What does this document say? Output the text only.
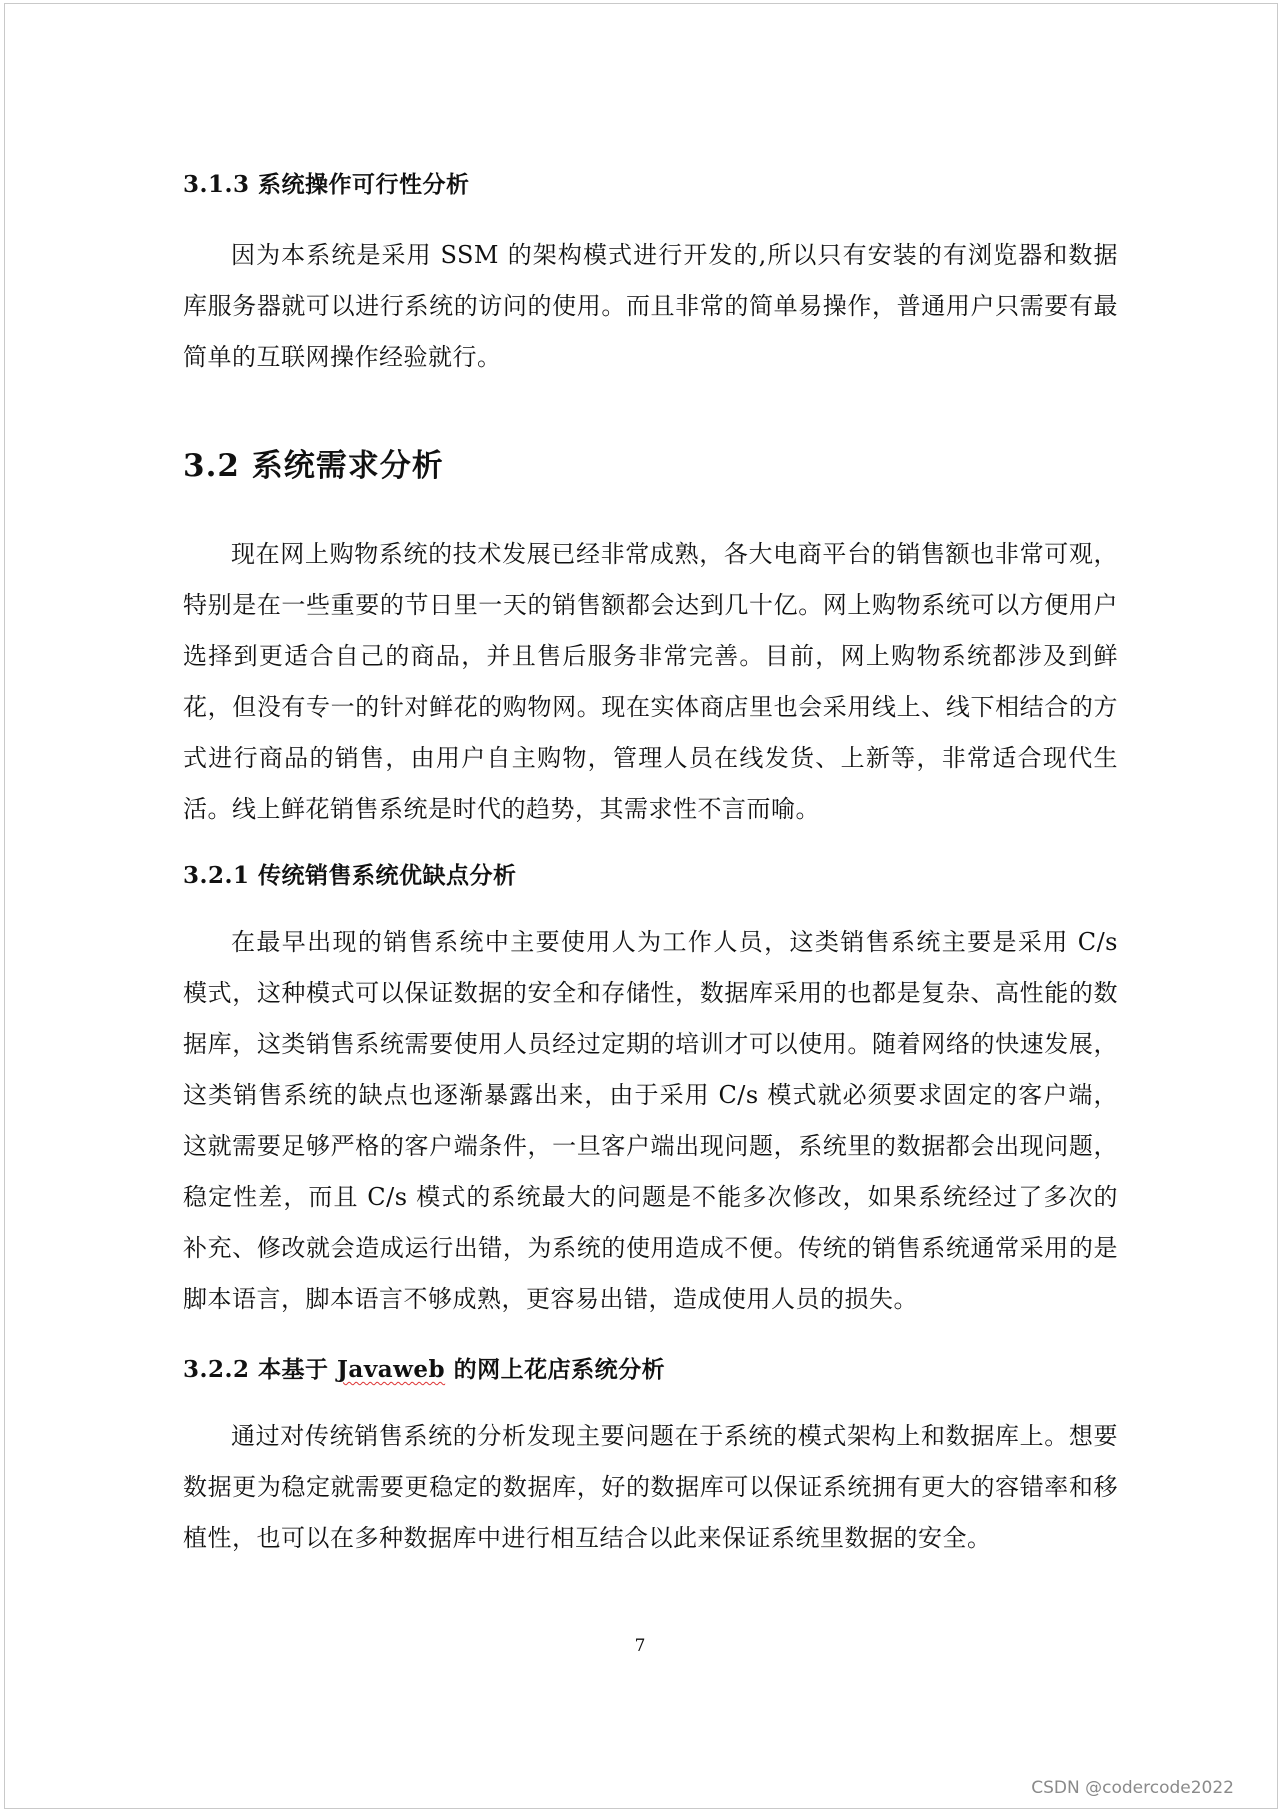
3.1.3 系统操作可行性分析

因为本系统是采用 SSM 的架构模式进行开发的,所以只有安装的有浏览器和数据库服务器就可以进行系统的访问的使用。而且非常的简单易操作，普通用户只需要有最简单的互联网操作经验就行。

3.2 系统需求分析

现在网上购物系统的技术发展已经非常成熟，各大电商平台的销售额也非常可观，特别是在一些重要的节日里一天的销售额都会达到几十亿。网上购物系统可以方便用户选择到更适合自己的商品，并且售后服务非常完善。目前，网上购物系统都涉及到鲜花，但没有专一的针对鲜花的购物网。现在实体商店里也会采用线上、线下相结合的方式进行商品的销售，由用户自主购物，管理人员在线发货、上新等，非常适合现代生活。线上鲜花销售系统是时代的趋势，其需求性不言而喻。

3.2.1 传统销售系统优缺点分析

在最早出现的销售系统中主要使用人为工作人员，这类销售系统主要是采用 C/s 模式，这种模式可以保证数据的安全和存储性，数据库采用的也都是复杂、高性能的数据库，这类销售系统需要使用人员经过定期的培训才可以使用。随着网络的快速发展，这类销售系统的缺点也逐渐暴露出来，由于采用 C/s 模式就必须要求固定的客户端，这就需要足够严格的客户端条件，一旦客户端出现问题，系统里的数据都会出现问题，稳定性差，而且 C/s 模式的系统最大的问题是不能多次修改，如果系统经过了多次的补充、修改就会造成运行出错，为系统的使用造成不便。传统的销售系统通常采用的是脚本语言，脚本语言不够成熟，更容易出错，造成使用人员的损失。

3.2.2 本基于 Javaweb 的网上花店系统分析

通过对传统销售系统的分析发现主要问题在于系统的模式架构上和数据库上。想要数据更为稳定就需要更稳定的数据库，好的数据库可以保证系统拥有更大的容错率和移植性，也可以在多种数据库中进行相互结合以此来保证系统里数据的安全。

7
CSDN @codercode2022
